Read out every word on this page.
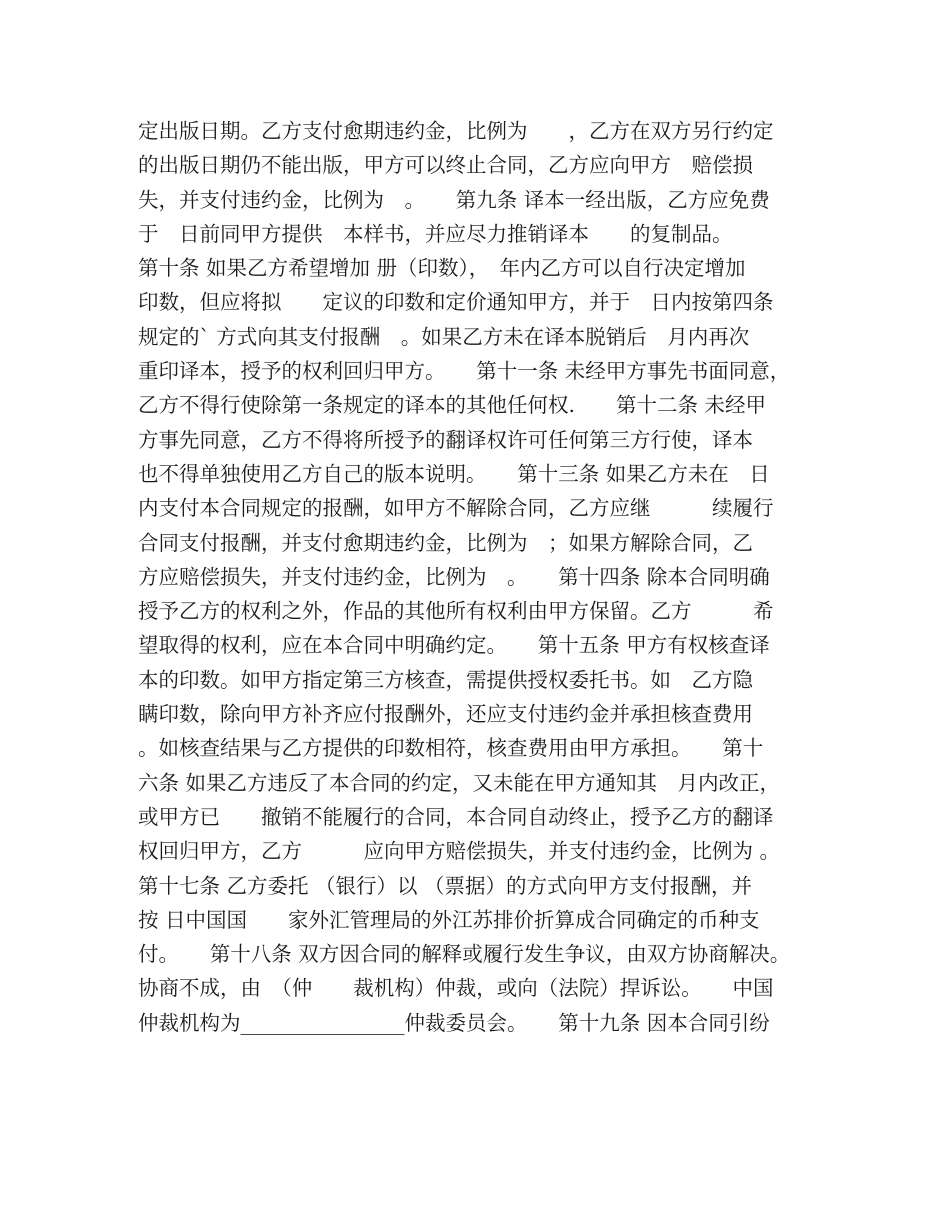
定出版日期。乙方支付愈期违约金，比例为　　，乙方在双方另行约定
的出版日期仍不能出版，甲方可以终止合同，乙方应向甲方　赔偿损
失，并支付违约金，比例为　。　　第九条 译本一经出版，乙方应免费
于　日前同甲方提供　本样书，并应尽力推销译本　　的复制品。
第十条 如果乙方希望增加 册（印数），　年内乙方可以自行决定增加
印数，但应将拟　　定议的印数和定价通知甲方，并于　日内按第四条
规定的` 方式向其支付报酬　。如果乙方未在译本脱销后　月内再次
重印译本，授予的权利回归甲方。　　第十一条 未经甲方事先书面同意，
乙方不得行使除第一条规定的译本的其他任何权.　　第十二条 未经甲
方事先同意，乙方不得将所授予的翻译权许可任何第三方行使，译本
也不得单独使用乙方自己的版本说明。　　第十三条 如果乙方未在　日
内支付本合同规定的报酬，如甲方不解除合同，乙方应继　　　续履行
合同支付报酬，并支付愈期违约金，比例为　；如果方解除合同，乙
方应赔偿损失，并支付违约金，比例为　。　　第十四条 除本合同明确
授予乙方的权利之外，作品的其他所有权利由甲方保留。乙方　　　希
望取得的权利，应在本合同中明确约定。　　第十五条 甲方有权核查译
本的印数。如甲方指定第三方核查，需提供授权委托书。如　乙方隐
瞒印数，除向甲方补齐应付报酬外，还应支付违约金并承担核查费用
。如核查结果与乙方提供的印数相符，核查费用由甲方承担。　　第十
六条 如果乙方违反了本合同的约定，又未能在甲方通知其　月内改正，
或甲方已　　撤销不能履行的合同，本合同自动终止，授予乙方的翻译
权回归甲方，乙方　　　应向甲方赔偿损失，并支付违约金，比例为 。
第十七条 乙方委托 （银行）以 （票据）的方式向甲方支付报酬，并
按 日中国国　　家外汇管理局的外江苏排价折算成合同确定的币种支
付。　　第十八条 双方因合同的解释或履行发生争议，由双方协商解决。
协商不成，由　（仲　　裁机构）仲裁，或向（法院）捍诉讼。　　中国
仲裁机构为________________仲裁委员会。　　第十九条 因本合同引纷
